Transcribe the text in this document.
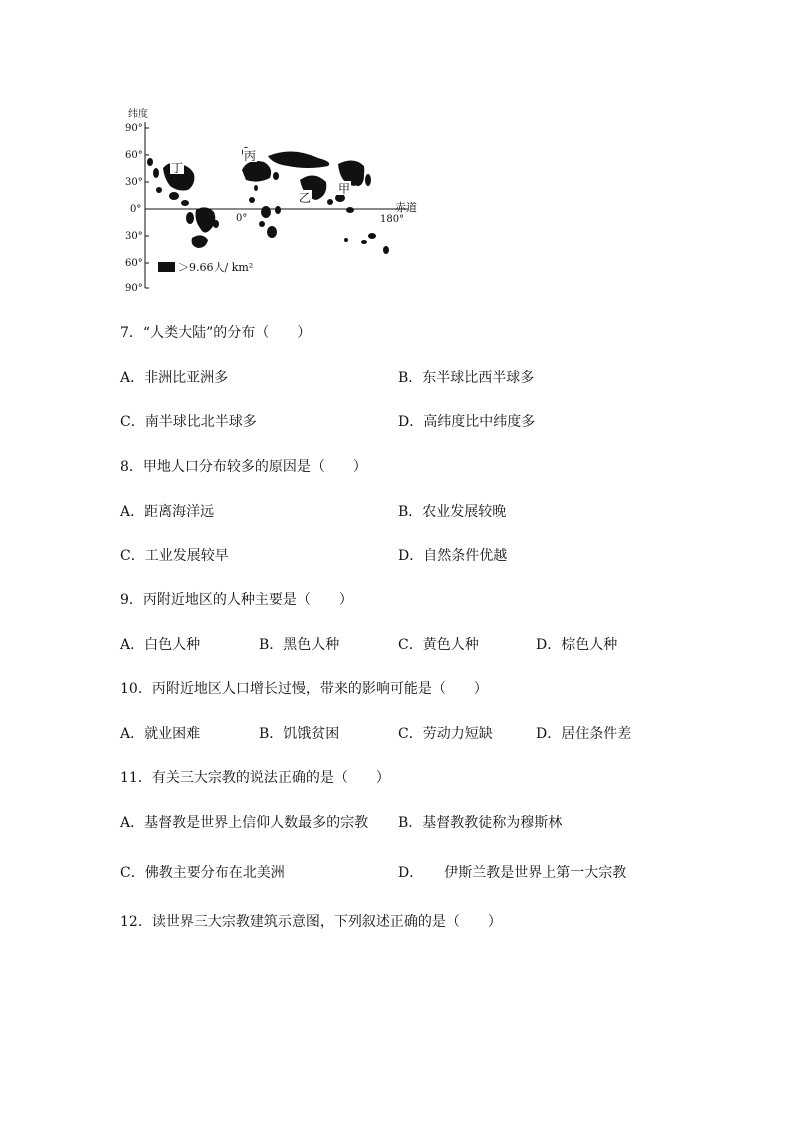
纬度
90°
60°
30°
0°
30°
60°
90°
0°	180°
赤道
丁
丙
乙
甲
＞9.66人/ km²
7．“人类大陆”的分布（　　）
A．非洲比亚洲多	B．东半球比西半球多
C．南半球比北半球多	D．高纬度比中纬度多
8．甲地人口分布较多的原因是（　　）
A．距离海洋远	B．农业发展较晚
C．工业发展较早	D．自然条件优越
9．丙附近地区的人种主要是（　　）
A．白色人种	B．黑色人种	C．黄色人种	D．棕色人种
10．丙附近地区人口增长过慢，带来的影响可能是（　　）
A．就业困难	B．饥饿贫困	C．劳动力短缺	D．居住条件差
11．有关三大宗教的说法正确的是（　　）
A．基督教是世界上信仰人数最多的宗教 B．基督教教徒称为穆斯林
C．佛教主要分布在北美洲	D．　　伊斯兰教是世界上第一大宗教
12．读世界三大宗教建筑示意图，下列叙述正确的是（　　）
